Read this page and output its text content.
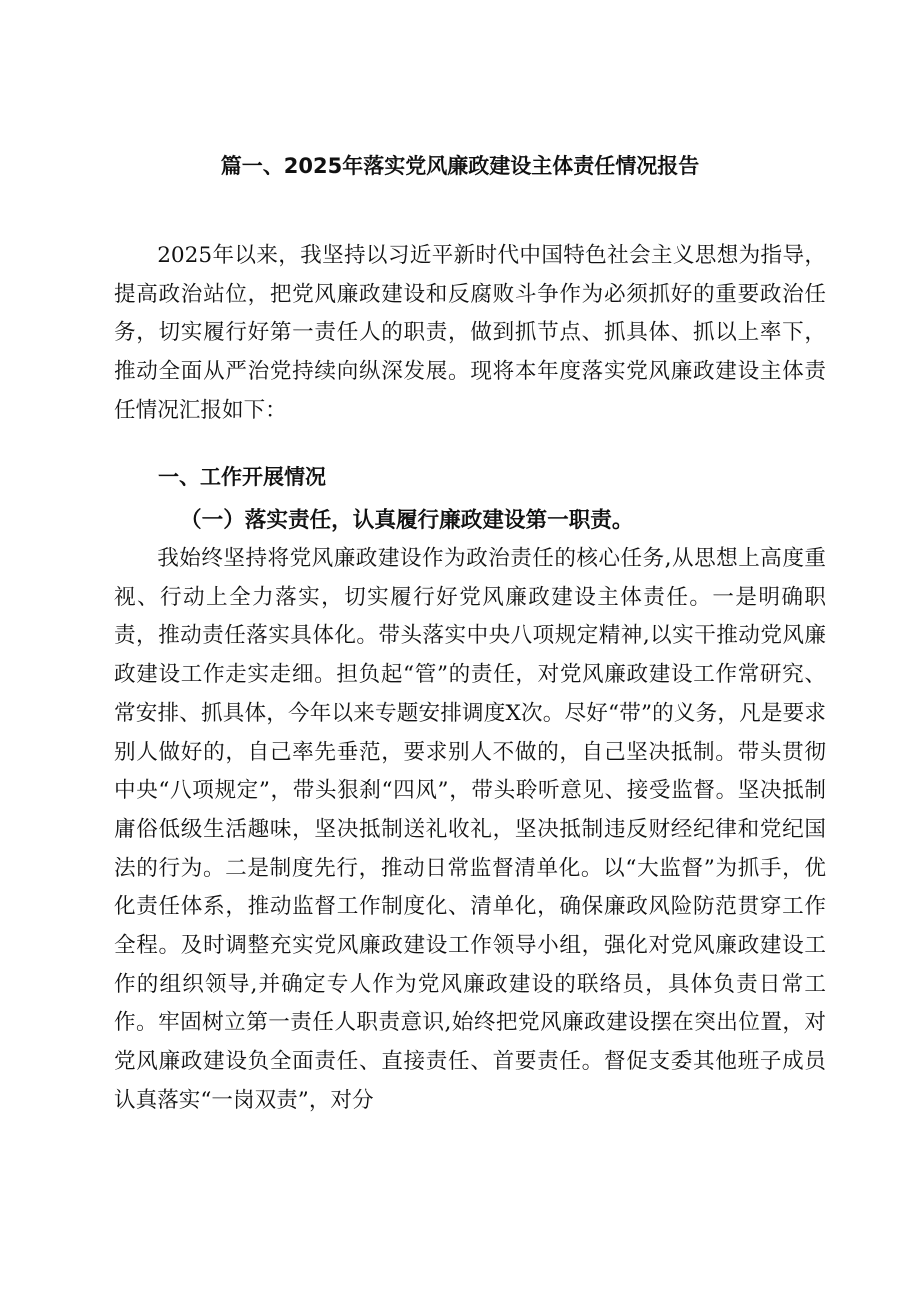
篇一、2025年落实党风廉政建设主体责任情况报告

2025年以来，我坚持以习近平新时代中国特色社会主义思想为指导，提高政治站位，把党风廉政建设和反腐败斗争作为必须抓好的重要政治任务，切实履行好第一责任人的职责，做到抓节点、抓具体、抓以上率下，推动全面从严治党持续向纵深发展。现将本年度落实党风廉政建设主体责任情况汇报如下：

一、工作开展情况
（一）落实责任，认真履行廉政建设第一职责。

我始终坚持将党风廉政建设作为政治责任的核心任务,从思想上高度重视、行动上全力落实，切实履行好党风廉政建设主体责任。一是明确职责，推动责任落实具体化。带头落实中央八项规定精神,以实干推动党风廉政建设工作走实走细。担负起“管”的责任，对党风廉政建设工作常研究、常安排、抓具体，今年以来专题安排调度X次。尽好“带”的义务，凡是要求别人做好的，自己率先垂范，要求别人不做的，自己坚决抵制。带头贯彻中央“八项规定”，带头狠刹“四风”，带头聆听意见、接受监督。坚决抵制庸俗低级生活趣味，坚决抵制送礼收礼，坚决抵制违反财经纪律和党纪国法的行为。二是制度先行，推动日常监督清单化。以“大监督”为抓手，优化责任体系，推动监督工作制度化、清单化，确保廉政风险防范贯穿工作全程。及时调整充实党风廉政建设工作领导小组，强化对党风廉政建设工作的组织领导,并确定专人作为党风廉政建设的联络员，具体负责日常工作。牢固树立第一责任人职责意识,始终把党风廉政建设摆在突出位置，对党风廉政建设负全面责任、直接责任、首要责任。督促支委其他班子成员认真落实“一岗双责”，对分
